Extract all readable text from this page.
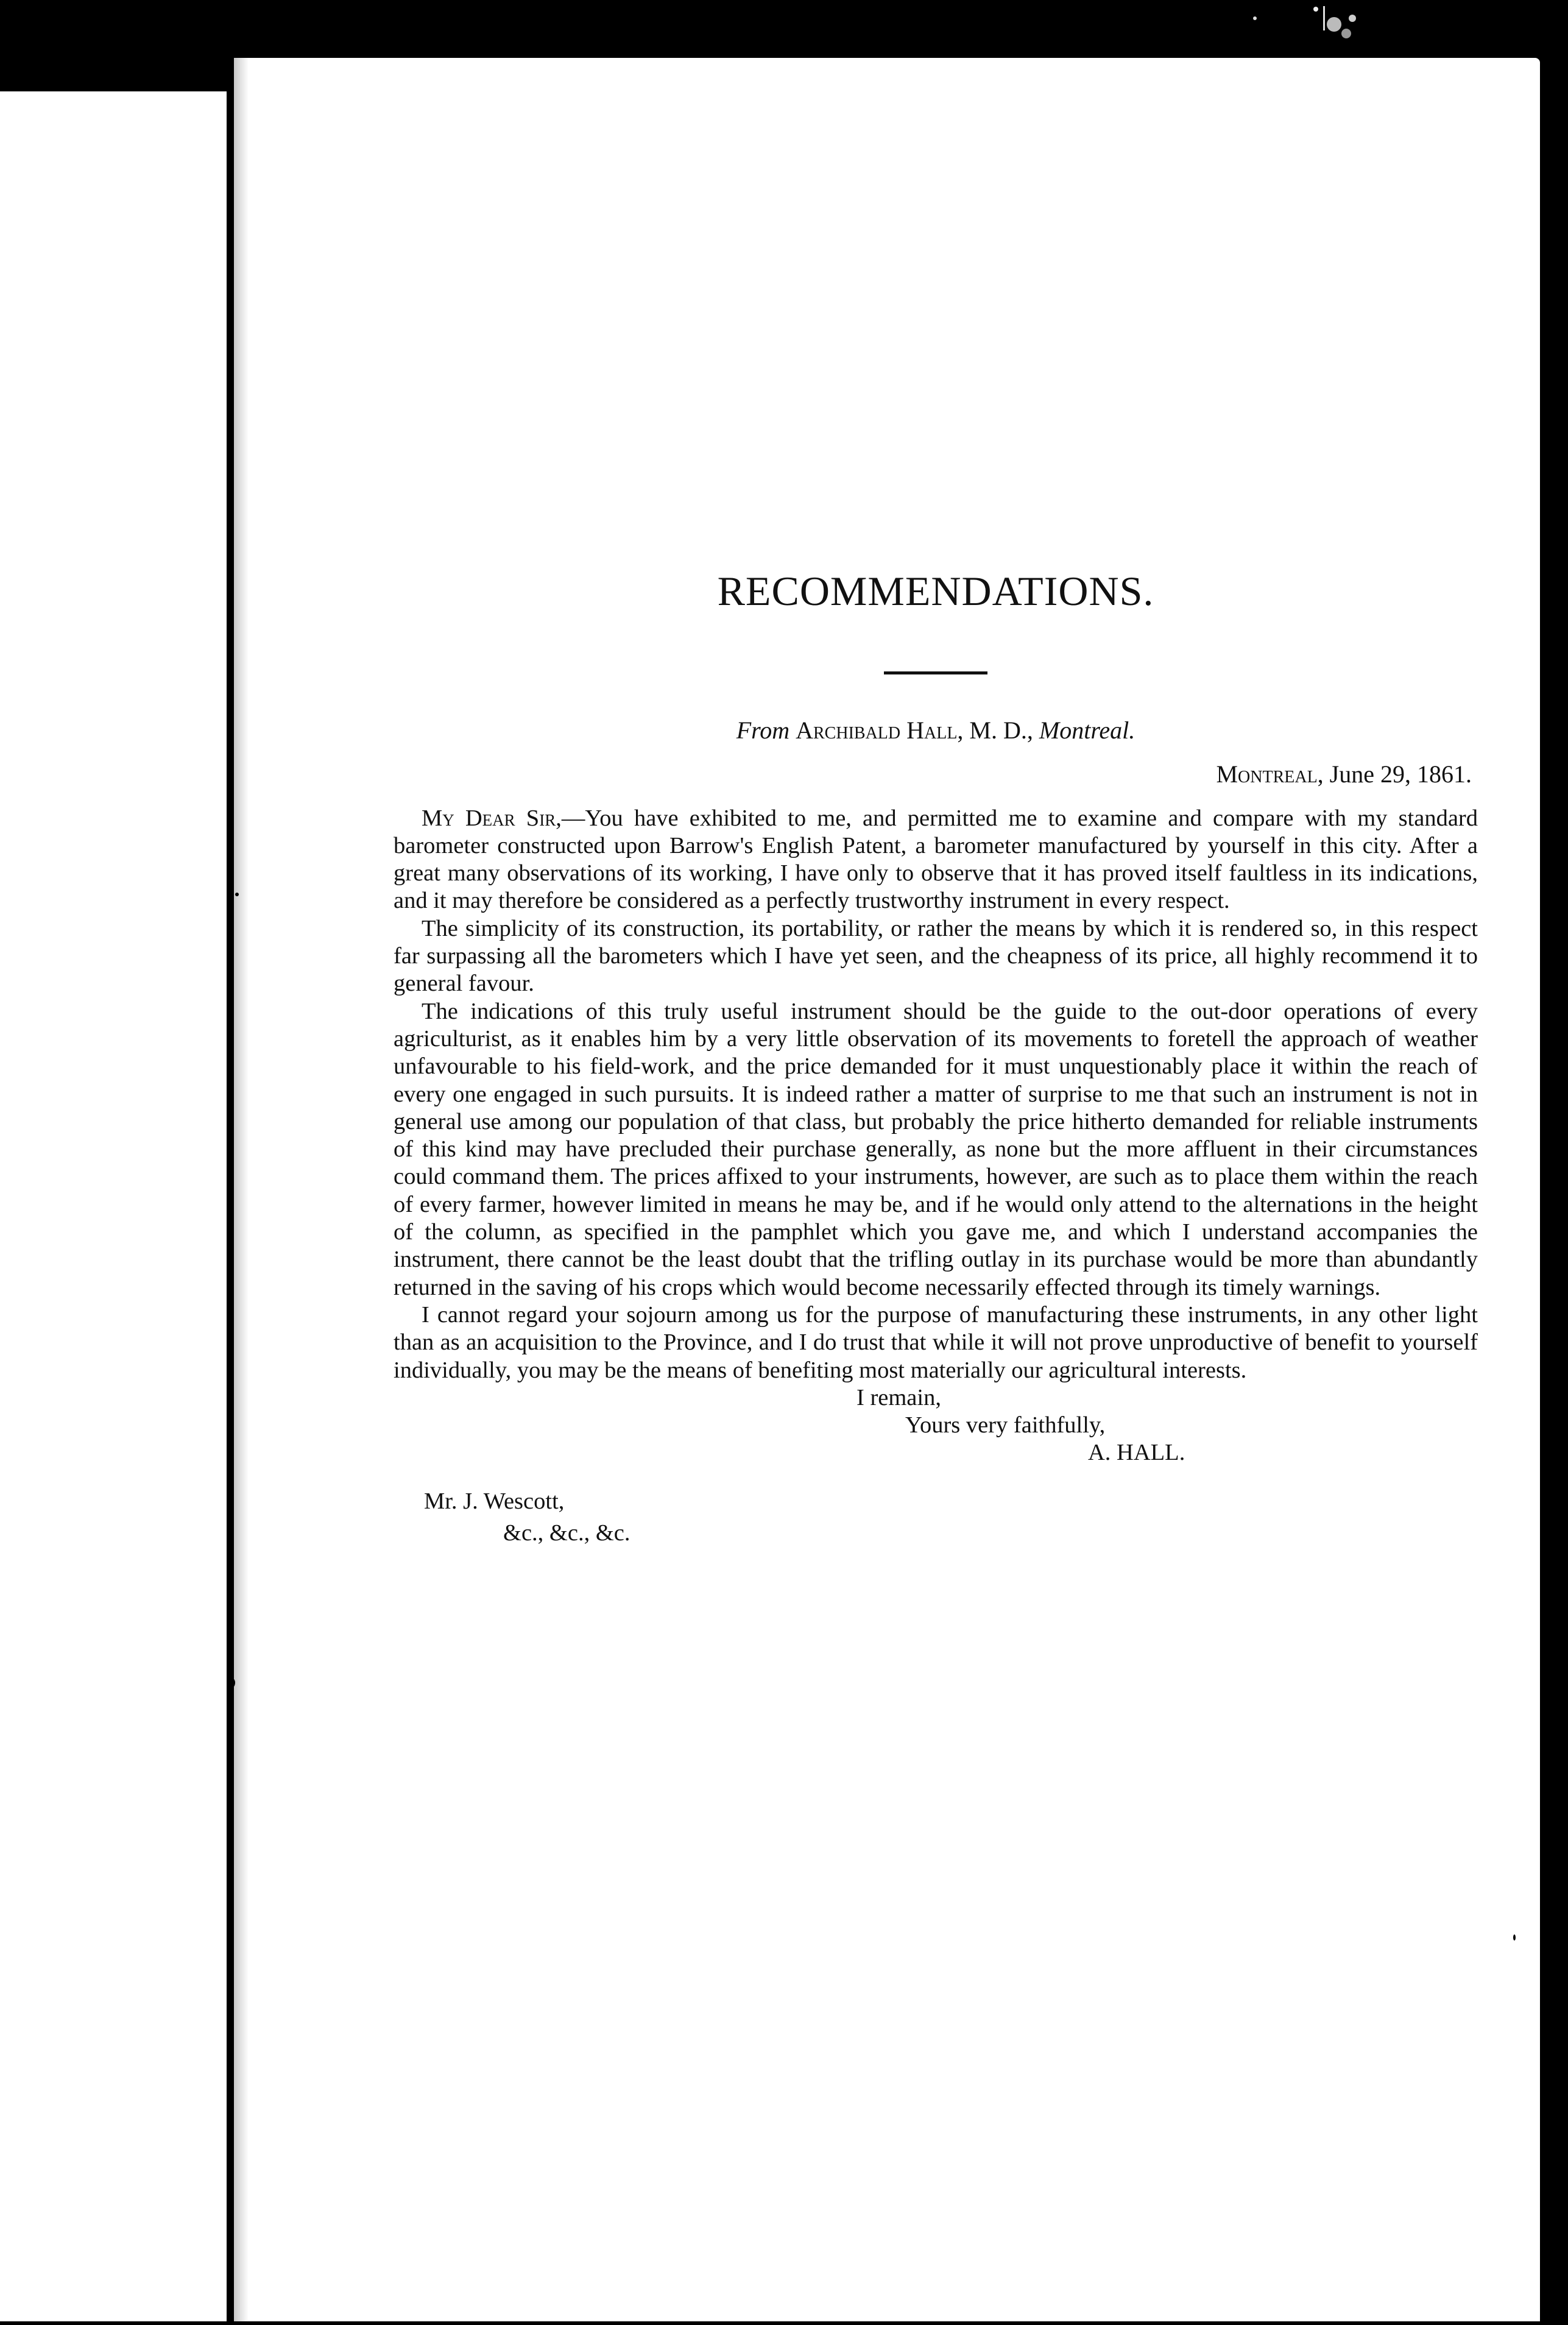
RECOMMENDATIONS.
From Archibald Hall, M. D., Montreal.
Montreal, June 29, 1861.

My Dear Sir,—You have exhibited to me, and permitted me to examine and compare with my standard barometer constructed upon Barrow's English Patent, a barometer manufactured by yourself in this city. After a great many observations of its working, I have only to observe that it has proved itself faultless in its indications, and it may therefore be considered as a perfectly trustworthy instrument in every respect.

The simplicity of its construction, its portability, or rather the means by which it is rendered so, in this respect far surpassing all the barometers which I have yet seen, and the cheapness of its price, all highly recommend it to general favour.

The indications of this truly useful instrument should be the guide to the out-door operations of every agriculturist, as it enables him by a very little observation of its movements to foretell the approach of weather unfavourable to his field-work, and the price demanded for it must unquestionably place it within the reach of every one engaged in such pursuits. It is indeed rather a matter of surprise to me that such an instrument is not in general use among our population of that class, but probably the price hitherto demanded for reliable instruments of this kind may have precluded their purchase generally, as none but the more affluent in their circumstances could command them. The prices affixed to your instruments, however, are such as to place them within the reach of every farmer, however limited in means he may be, and if he would only attend to the alternations in the height of the column, as specified in the pamphlet which you gave me, and which I understand accompanies the instrument, there cannot be the least doubt that the trifling outlay in its purchase would be more than abundantly returned in the saving of his crops which would become necessarily effected through its timely warnings.

I cannot regard your sojourn among us for the purpose of manufacturing these instruments, in any other light than as an acquisition to the Province, and I do trust that while it will not prove unproductive of benefit to yourself individually, you may be the means of benefiting most materially our agricultural interests.

I remain,
Yours very faithfully,
A. HALL.
Mr. J. Wescott,
&c., &c., &c.
